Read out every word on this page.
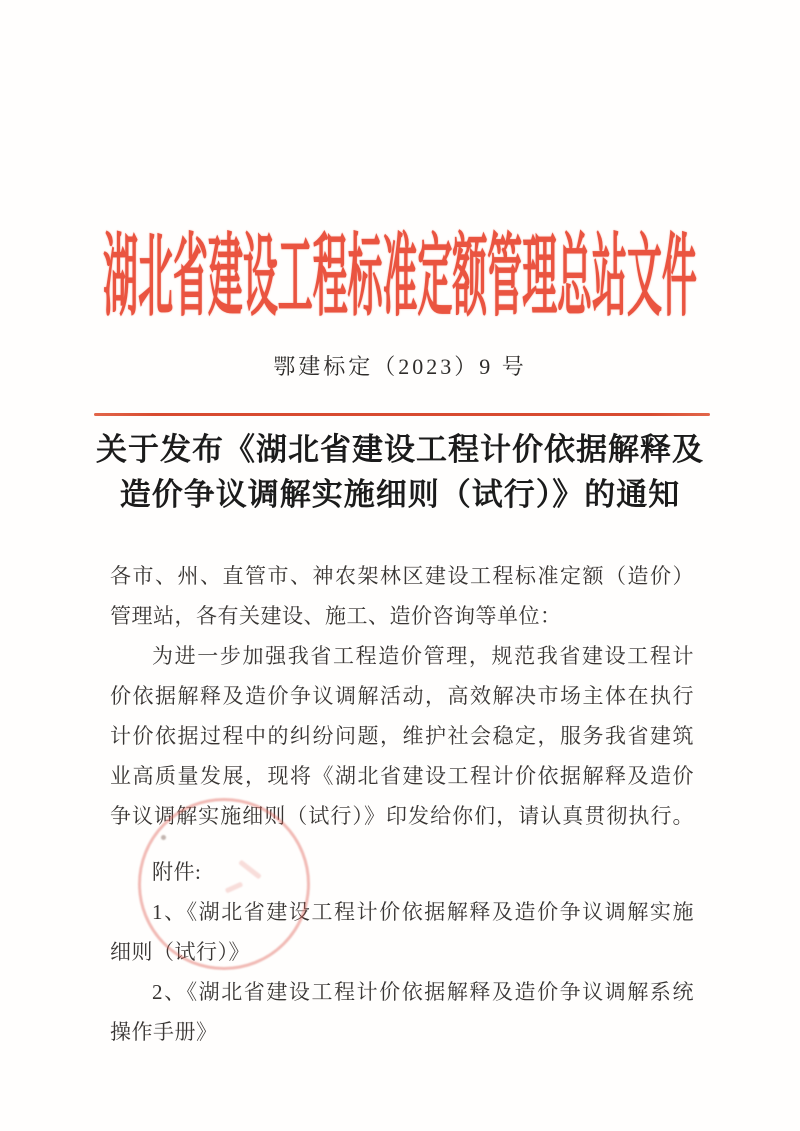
湖北省建设工程标准定额管理总站文件
鄂建标定（2023）9 号
关于发布《湖北省建设工程计价依据解释及
造价争议调解实施细则（试行）》的通知
各市、州、直管市、神农架林区建设工程标准定额（造价）
管理站，各有关建设、施工、造价咨询等单位：
为进一步加强我省工程造价管理，规范我省建设工程计
价依据解释及造价争议调解活动，高效解决市场主体在执行
计价依据过程中的纠纷问题，维护社会稳定，服务我省建筑
业高质量发展，现将《湖北省建设工程计价依据解释及造价
争议调解实施细则（试行）》印发给你们，请认真贯彻执行。
附件:
1、《湖北省建设工程计价依据解释及造价争议调解实施
细则（试行）》
2、《湖北省建设工程计价依据解释及造价争议调解系统
操作手册》
